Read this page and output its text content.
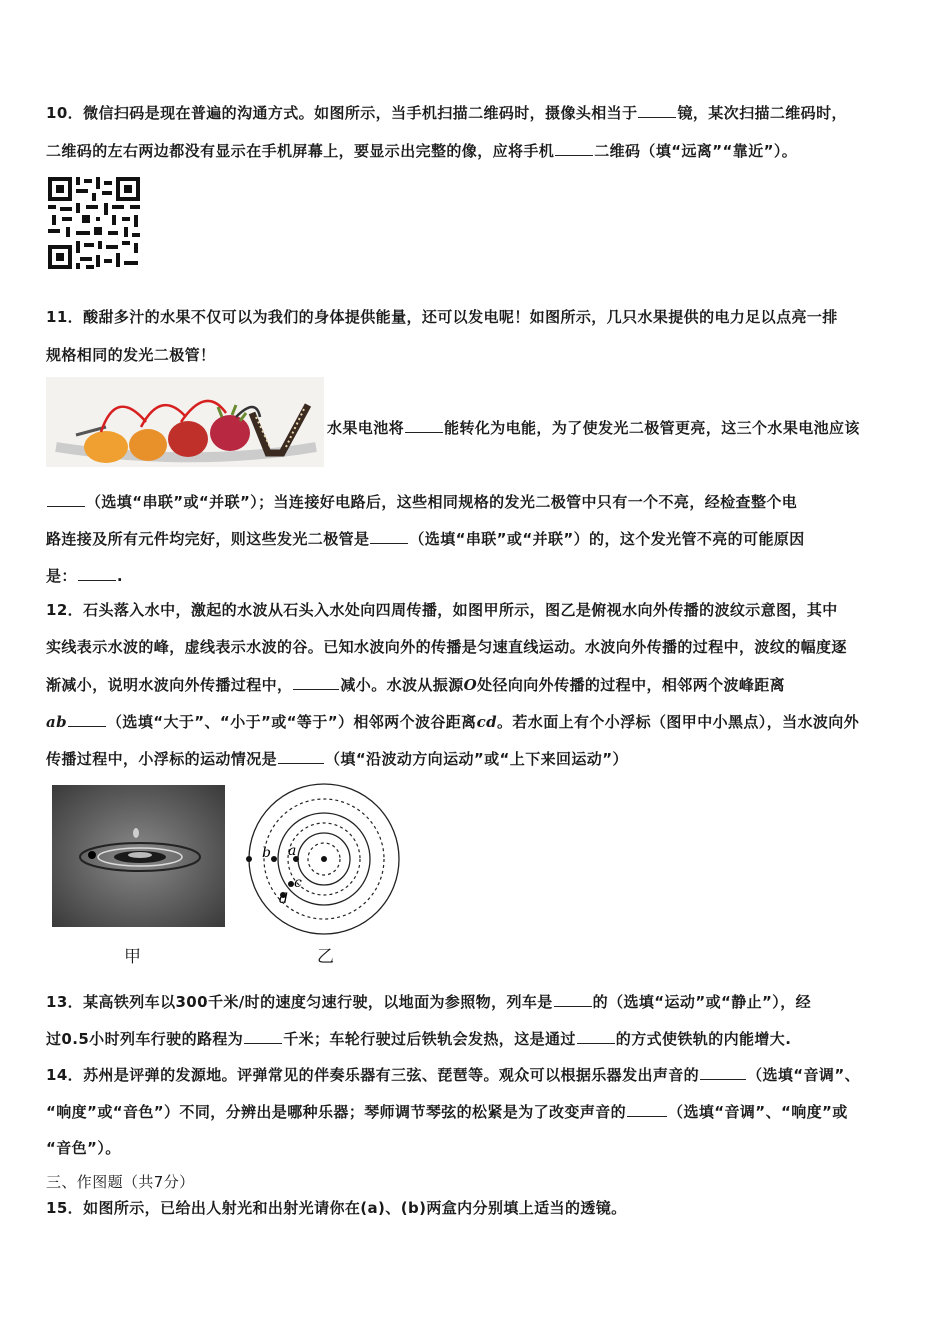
10．微信扫码是现在普遍的沟通方式。如图所示，当手机扫描二维码时，摄像头相当于	镜，某次扫描二维码时，
二维码的左右两边都没有显示在手机屏幕上，要显示出完整的像，应将手机	二维码（填“远离”“靠近”）。
11．酸甜多汁的水果不仅可以为我们的身体提供能量，还可以发电呢！如图所示，几只水果提供的电力足以点亮一排
规格相同的发光二极管！
水果电池将	能转化为电能，为了使发光二极管更亮，这三个水果电池应该
（选填“串联”或“并联”）；当连接好电路后，这些相同规格的发光二极管中只有一个不亮，经检查整个电
路连接及所有元件均完好，则这些发光二极管是	（选填“串联”或“并联”）的，这个发光管不亮的可能原因
是：	.
12．石头落入水中，激起的水波从石头入水处向四周传播，如图甲所示，图乙是俯视水向外传播的波纹示意图，其中
实线表示水波的峰，虚线表示水波的谷。已知水波向外的传播是匀速直线运动。水波向外传播的过程中，波纹的幅度逐
渐减小，说明水波向外传播过程中，	减小。水波从振源O处径向向外传播的过程中，相邻两个波峰距离
ab	（选填“大于”、“小于”或“等于”）相邻两个波谷距离cd。若水面上有个小浮标（图甲中小黑点），当水波向外
传播过程中，小浮标的运动情况是	（填“沿波动方向运动”或“上下来回运动”）
甲
b a
c
d
乙
13．某高铁列车以300千米/时的速度匀速行驶，以地面为参照物，列车是	的（选填“运动”或“静止”），经
过0.5小时列车行驶的路程为	千米；车轮行驶过后铁轨会发热，这是通过	的方式使铁轨的内能增大.
14．苏州是评弹的发源地。评弹常见的伴奏乐器有三弦、琵琶等。观众可以根据乐器发出声音的	（选填“音调”、
“响度”或“音色”）不同，分辨出是哪种乐器；琴师调节琴弦的松紧是为了改变声音的	（选填“音调”、“响度”或
“音色”）。
三、作图题（共7分）
15．如图所示，已给出人射光和出射光请你在(a)、(b)两盒内分别填上适当的透镜。
